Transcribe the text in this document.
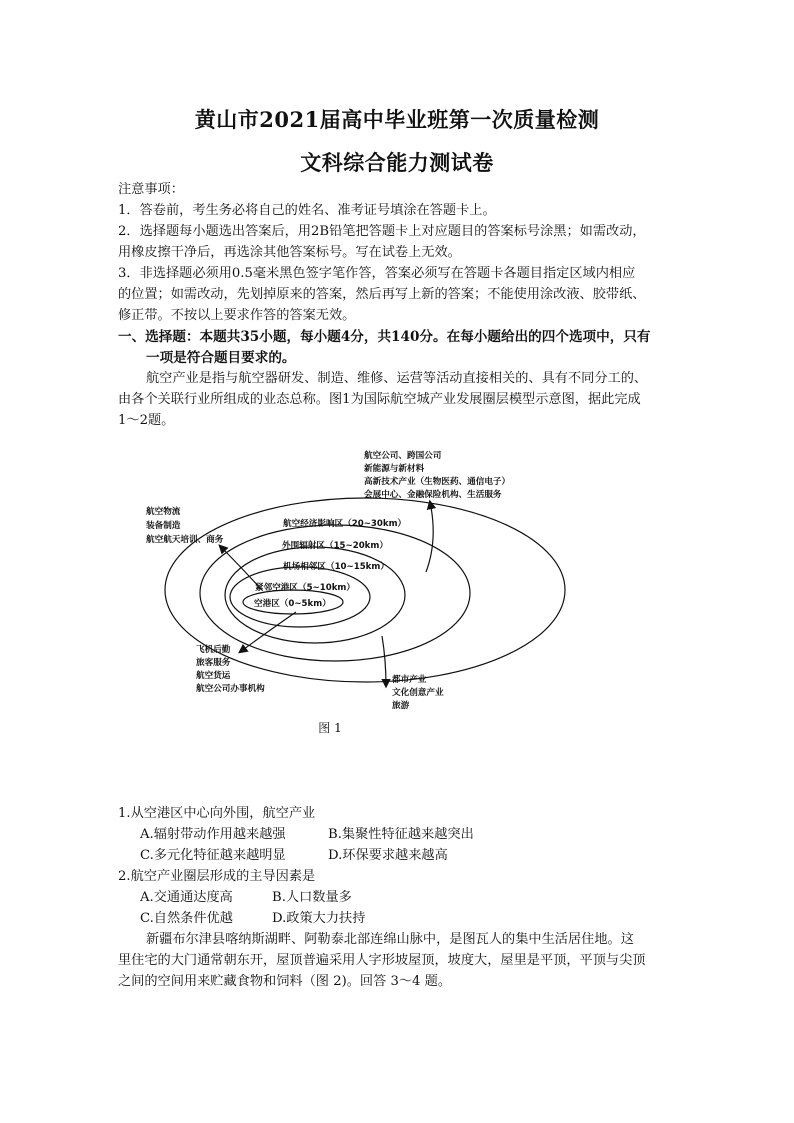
黄山市2021届高中毕业班第一次质量检测
文科综合能力测试卷
注意事项：
1．答卷前，考生务必将自己的姓名、准考证号填涂在答题卡上。
2．选择题每小题选出答案后，用2B铅笔把答题卡上对应题目的答案标号涂黑；如需改动，
用橡皮擦干净后，再选涂其他答案标号。写在试卷上无效。
3．非选择题必须用0.5毫米黑色签字笔作答，答案必须写在答题卡各题目指定区域内相应
的位置；如需改动，先划掉原来的答案，然后再写上新的答案；不能使用涂改液、胶带纸、
修正带。不按以上要求作答的答案无效。
一、选择题：本题共35小题，每小题4分，共140分。在每小题给出的四个选项中，只有
一项是符合题目要求的。
航空产业是指与航空器研发、制造、维修、运营等活动直接相关的、具有不同分工的、
由各个关联行业所组成的业态总称。图1为国际航空城产业发展圈层模型示意图，据此完成
1～2题。
航空经济影响区（20~30km）
外围辐射区（15~20km）
机场相邻区（10~15km）
紧邻空港区（5~10km）
空港区（0~5km）
航空公司、跨国公司
新能源与新材料
高新技术产业（生物医药、通信电子）
会展中心、金融保险机构、生活服务
航空物流
装备制造
航空航天培训、商务
飞机后勤
旅客服务
航空货运
航空公司办事机构
都市产业
文化创意产业
旅游
图 1
1.从空港区中心向外围，航空产业
A.辐射带动作用越来越强	B.集聚性特征越来越突出
C.多元化特征越来越明显	D.环保要求越来越高
2.航空产业圈层形成的主导因素是
A.交通通达度高	B.人口数量多
C.自然条件优越	D.政策大力扶持
新疆布尔津县喀纳斯湖畔、阿勒泰北部连绵山脉中，是图瓦人的集中生活居住地。这
里住宅的大门通常朝东开，屋顶普遍采用人字形坡屋顶，坡度大，屋里是平顶，平顶与尖顶
之间的空间用来贮藏食物和饲料（图 2)。回答 3～4 题。
